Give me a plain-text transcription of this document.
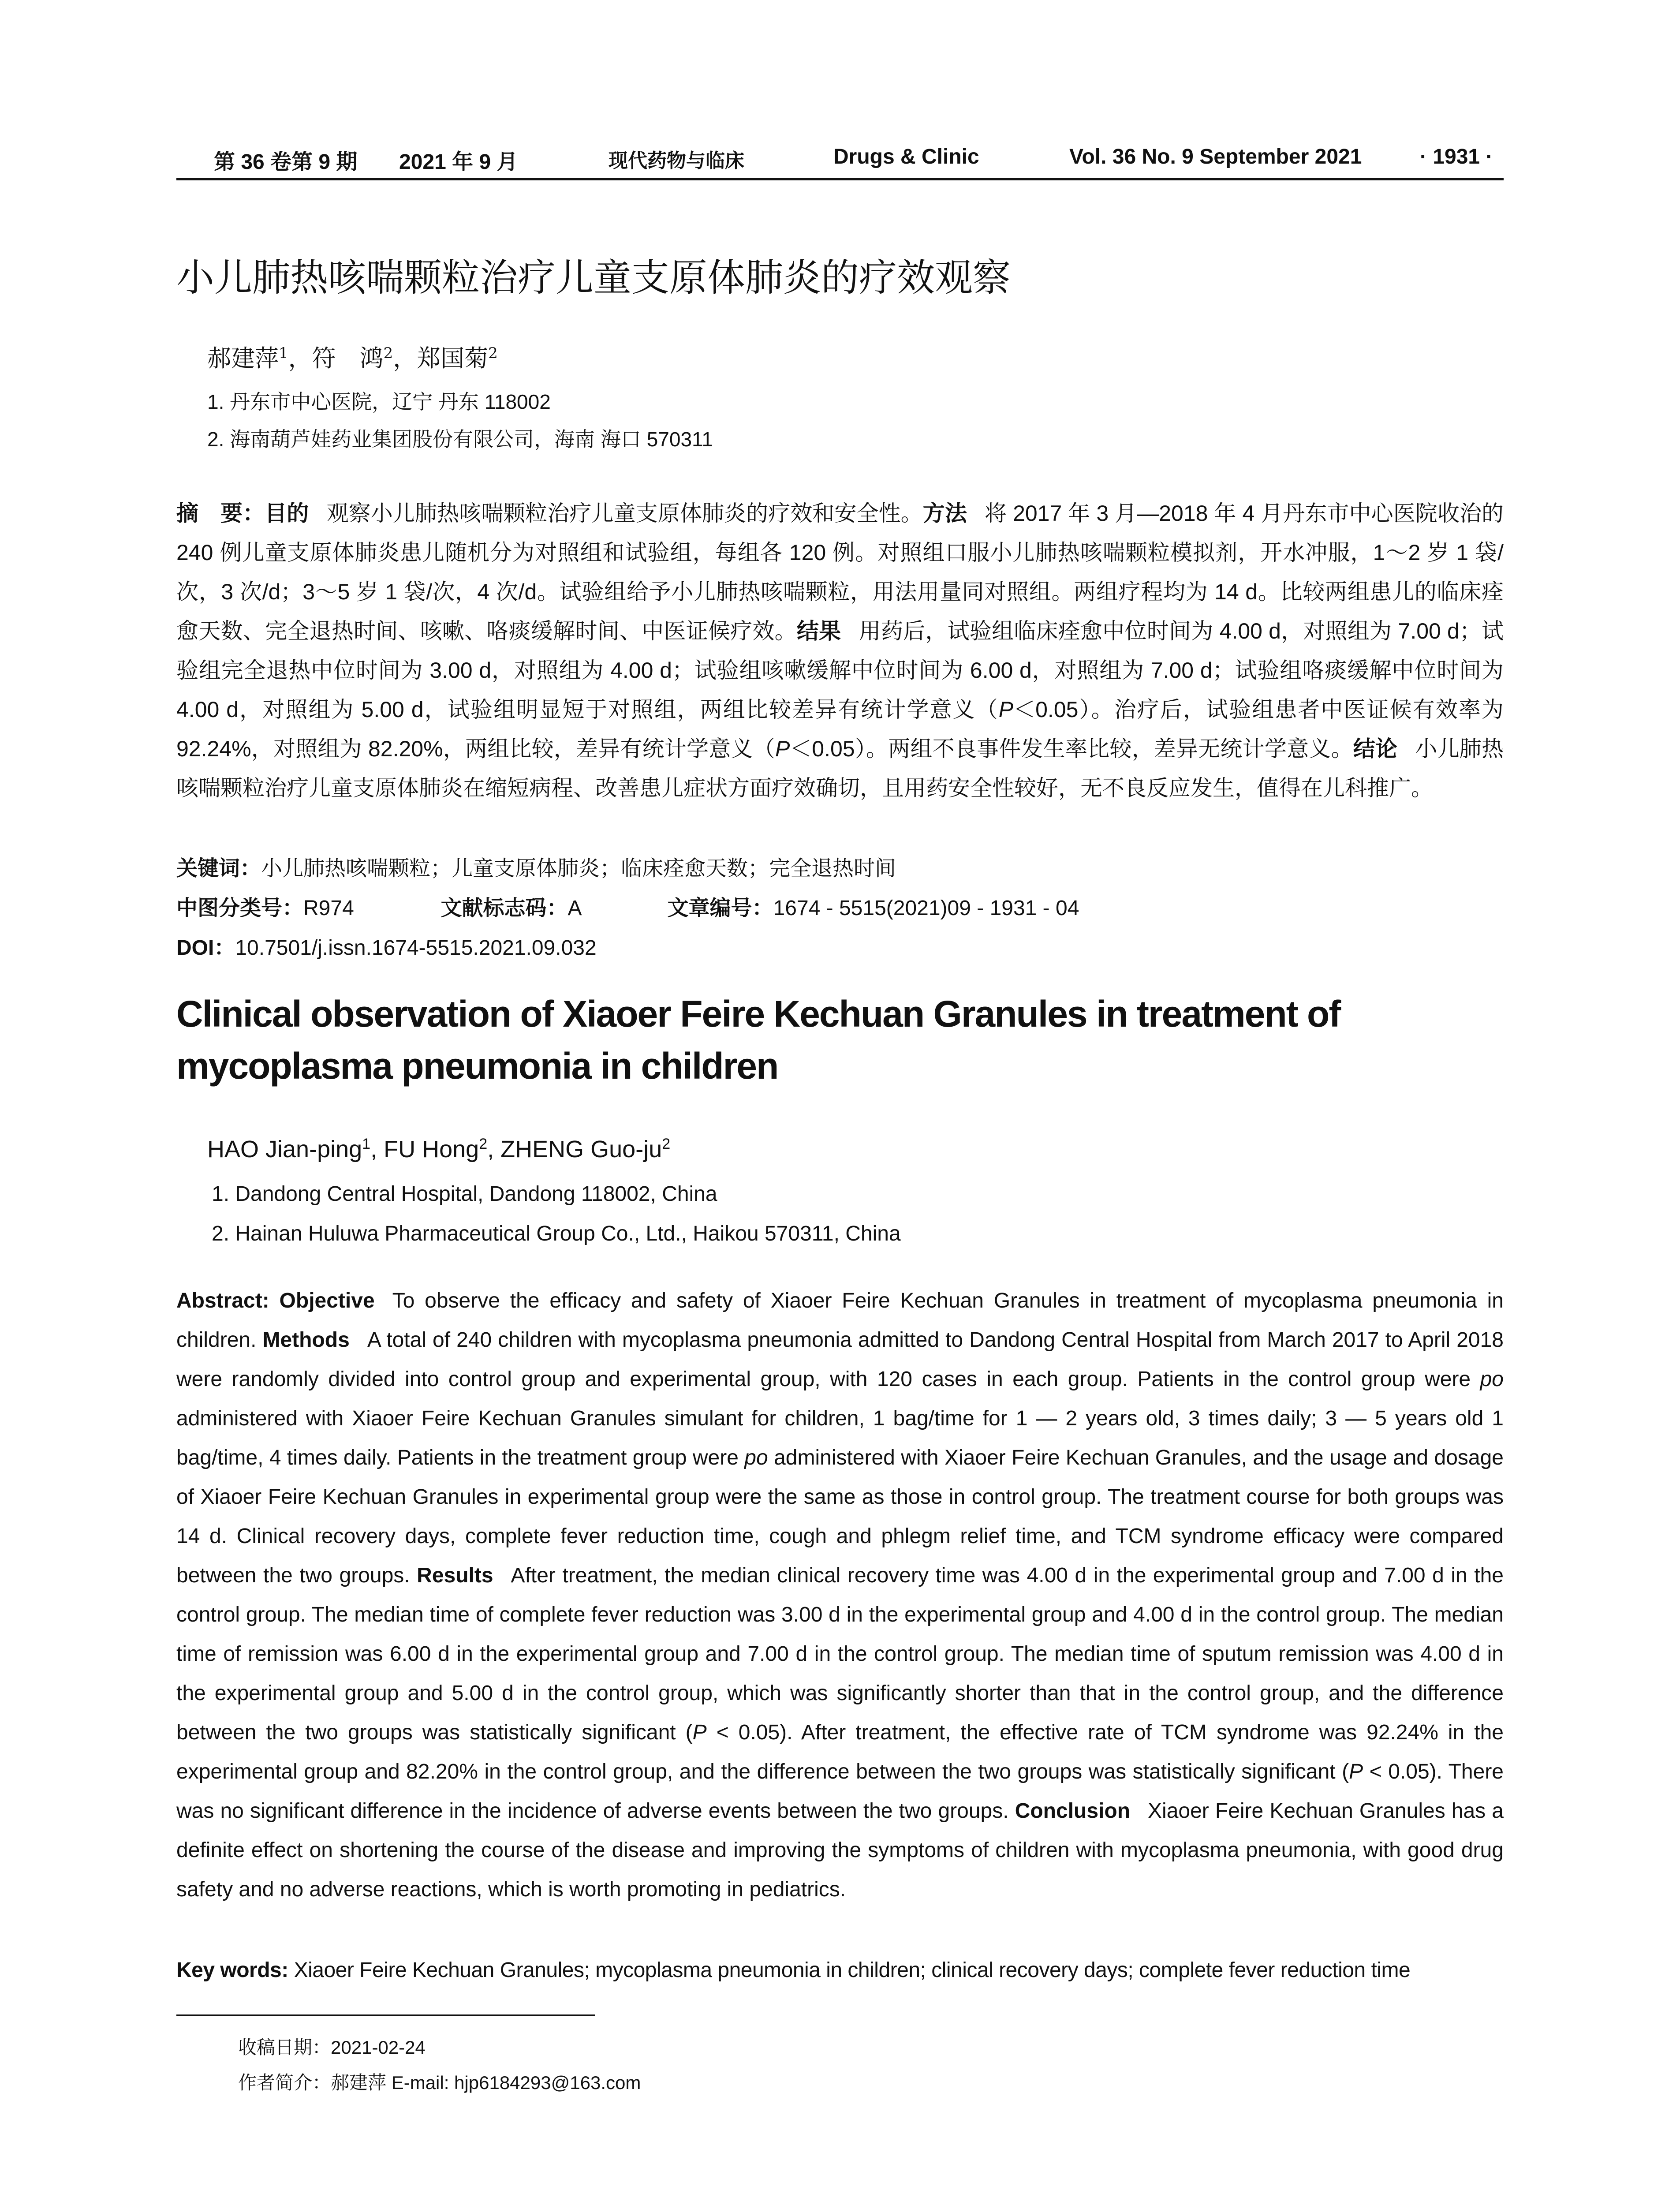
第 36 卷第 9 期 2021 年 9 月	现代药物与临床	Drugs & Clinic	Vol. 36 No. 9 September 2021	· 1931 ·
小儿肺热咳喘颗粒治疗儿童支原体肺炎的疗效观察
郝建萍$^1$，符　鸿$^2$，郑国菊$^2$
1. 丹东市中心医院，辽宁 丹东 118002
2. 海南葫芦娃药业集团股份有限公司，海南 海口 570311
摘　要：目的 观察小儿肺热咳喘颗粒治疗儿童支原体肺炎的疗效和安全性。方法 将 2017 年 3 月—2018 年 4 月丹东市中心医院收治的 240 例儿童支原体肺炎患儿随机分为对照组和试验组，每组各 120 例。对照组口服小儿肺热咳喘颗粒模拟剂，开水冲服，1～2 岁 1 袋/次，3 次/d；3～5 岁 1 袋/次，4 次/d。试验组给予小儿肺热咳喘颗粒，用法用量同对照组。两组疗程均为 14 d。比较两组患儿的临床痊愈天数、完全退热时间、咳嗽、咯痰缓解时间、中医证候疗效。结果 用药后，试验组临床痊愈中位时间为 4.00 d，对照组为 7.00 d；试验组完全退热中位时间为 3.00 d，对照组为 4.00 d；试验组咳嗽缓解中位时间为 6.00 d，对照组为 7.00 d；试验组咯痰缓解中位时间为 4.00 d，对照组为 5.00 d，试验组明显短于对照组，两组比较差异有统计学意义（P＜0.05）。治疗后，试验组患者中医证候有效率为 92.24%，对照组为 82.20%，两组比较，差异有统计学意义（P＜0.05）。两组不良事件发生率比较，差异无统计学意义。结论 小儿肺热咳喘颗粒治疗儿童支原体肺炎在缩短病程、改善患儿症状方面疗效确切，且用药安全性较好，无不良反应发生，值得在儿科推广。
关键词：小儿肺热咳喘颗粒；儿童支原体肺炎；临床痊愈天数；完全退热时间
中图分类号：R974	文献标志码：A	文章编号：1674 - 5515(2021)09 - 1931 - 04
DOI：10.7501/j.issn.1674-5515.2021.09.032
Clinical observation of Xiaoer Feire Kechuan Granules in treatment of mycoplasma pneumonia in children
HAO Jian-ping$^1$, FU Hong$^2$, ZHENG Guo-$ju^2$
1. Dandong Central Hospital, Dandong 118002, China
2. Hainan Huluwa Pharmaceutical Group Co., Ltd., Haikou 570311, China
Abstract: Objective To observe the efficacy and safety of Xiaoer Feire Kechuan Granules in treatment of mycoplasma pneumonia in children. Methods A total of 240 children with mycoplasma pneumonia admitted to Dandong Central Hospital from March 2017 to April 2018 were randomly divided into control group and experimental group, with 120 cases in each group. Patients in the control group were po administered with Xiaoer Feire Kechuan Granules simulant for children, 1 bag/time for 1 — 2 years old, 3 times daily; 3 — 5 years old 1 bag/time, 4 times daily. Patients in the treatment group were po administered with Xiaoer Feire Kechuan Granules, and the usage and dosage of Xiaoer Feire Kechuan Granules in experimental group were the same as those in control group. The treatment course for both groups was 14 d. Clinical recovery days, complete fever reduction time, cough and phlegm relief time, and TCM syndrome efficacy were compared between the two groups. Results After treatment, the median clinical recovery time was 4.00 d in the experimental group and 7.00 d in the control group. The median time of complete fever reduction was 3.00 d in the experimental group and 4.00 d in the control group. The median time of remission was 6.00 d in the experimental group and 7.00 d in the control group. The median time of sputum remission was 4.00 d in the experimental group and 5.00 d in the control group, which was significantly shorter than that in the control group, and the difference between the two groups was statistically significant (P < 0.05). After treatment, the effective rate of TCM syndrome was 92.24% in the experimental group and 82.20% in the control group, and the difference between the two groups was statistically significant (P < 0.05). There was no significant difference in the incidence of adverse events between the two groups. Conclusion Xiaoer Feire Kechuan Granules has a definite effect on shortening the course of the disease and improving the symptoms of children with mycoplasma pneumonia, with good drug safety and no adverse reactions, which is worth promoting in pediatrics.
Key words: Xiaoer Feire Kechuan Granules; mycoplasma pneumonia in children; clinical recovery days; complete fever reduction time
收稿日期：2021-02-24
作者简介：郝建萍 E-mail: hjp6184293@163.com
